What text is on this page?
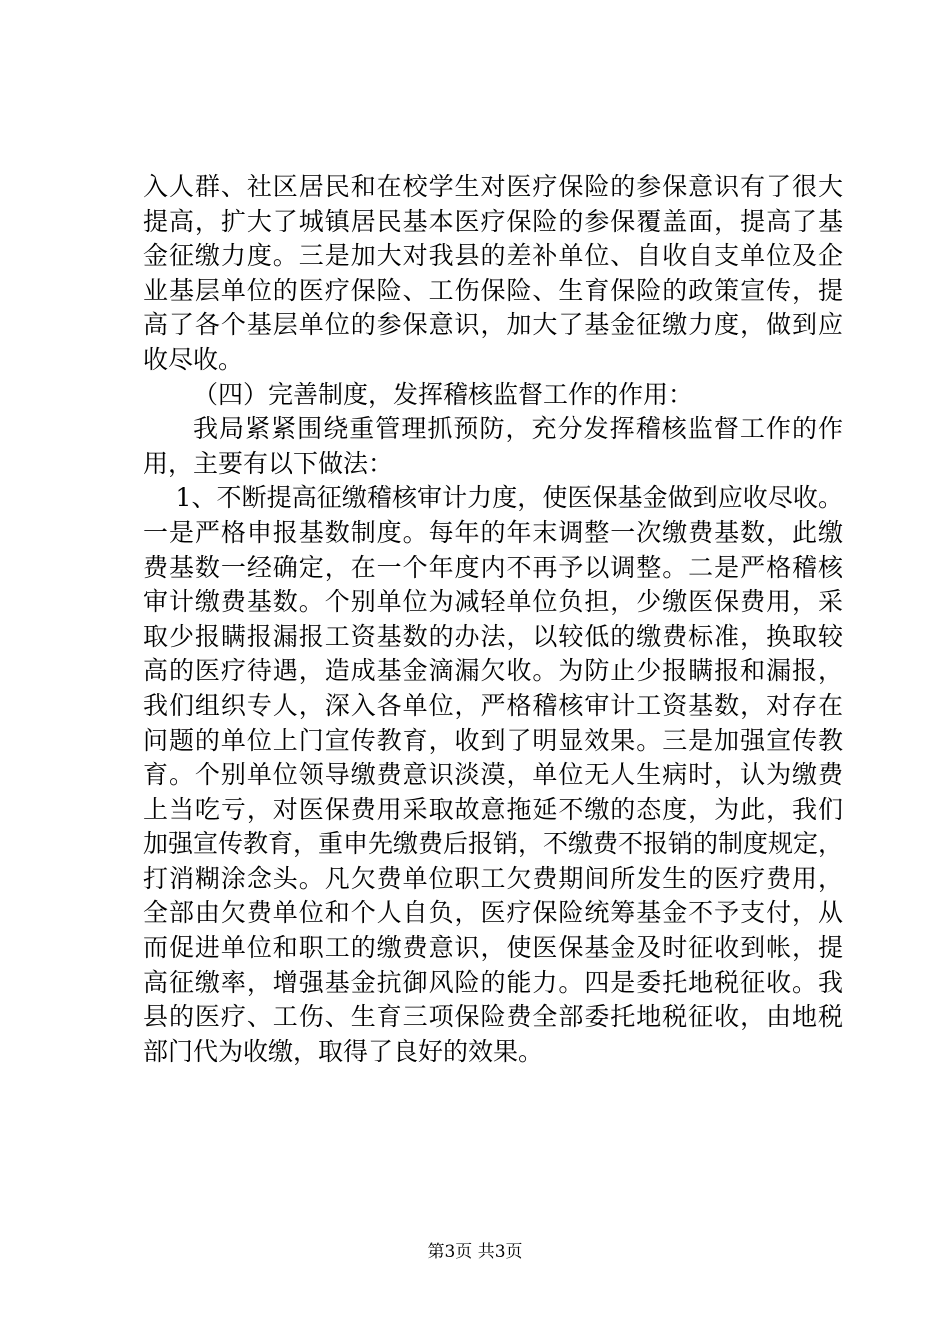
入人群、社区居民和在校学生对医疗保险的参保意识有了很大
提高，扩大了城镇居民基本医疗保险的参保覆盖面，提高了基
金征缴力度。三是加大对我县的差补单位、自收自支单位及企
业基层单位的医疗保险、工伤保险、生育保险的政策宣传，提
高了各个基层单位的参保意识，加大了基金征缴力度，做到应
收尽收。
（四）完善制度，发挥稽核监督工作的作用：
我局紧紧围绕重管理抓预防，充分发挥稽核监督工作的作
用，主要有以下做法：
1、不断提高征缴稽核审计力度，使医保基金做到应收尽收。
一是严格申报基数制度。每年的年末调整一次缴费基数，此缴
费基数一经确定，在一个年度内不再予以调整。二是严格稽核
审计缴费基数。个别单位为减轻单位负担，少缴医保费用，采
取少报瞒报漏报工资基数的办法，以较低的缴费标准，换取较
高的医疗待遇，造成基金滴漏欠收。为防止少报瞒报和漏报，
我们组织专人，深入各单位，严格稽核审计工资基数，对存在
问题的单位上门宣传教育，收到了明显效果。三是加强宣传教
育。个别单位领导缴费意识淡漠，单位无人生病时，认为缴费
上当吃亏，对医保费用采取故意拖延不缴的态度，为此，我们
加强宣传教育，重申先缴费后报销，不缴费不报销的制度规定，
打消糊涂念头。凡欠费单位职工欠费期间所发生的医疗费用，
全部由欠费单位和个人自负，医疗保险统筹基金不予支付，从
而促进单位和职工的缴费意识，使医保基金及时征收到帐，提
高征缴率，增强基金抗御风险的能力。四是委托地税征收。我
县的医疗、工伤、生育三项保险费全部委托地税征收，由地税
部门代为收缴，取得了良好的效果。
第3页 共3页
